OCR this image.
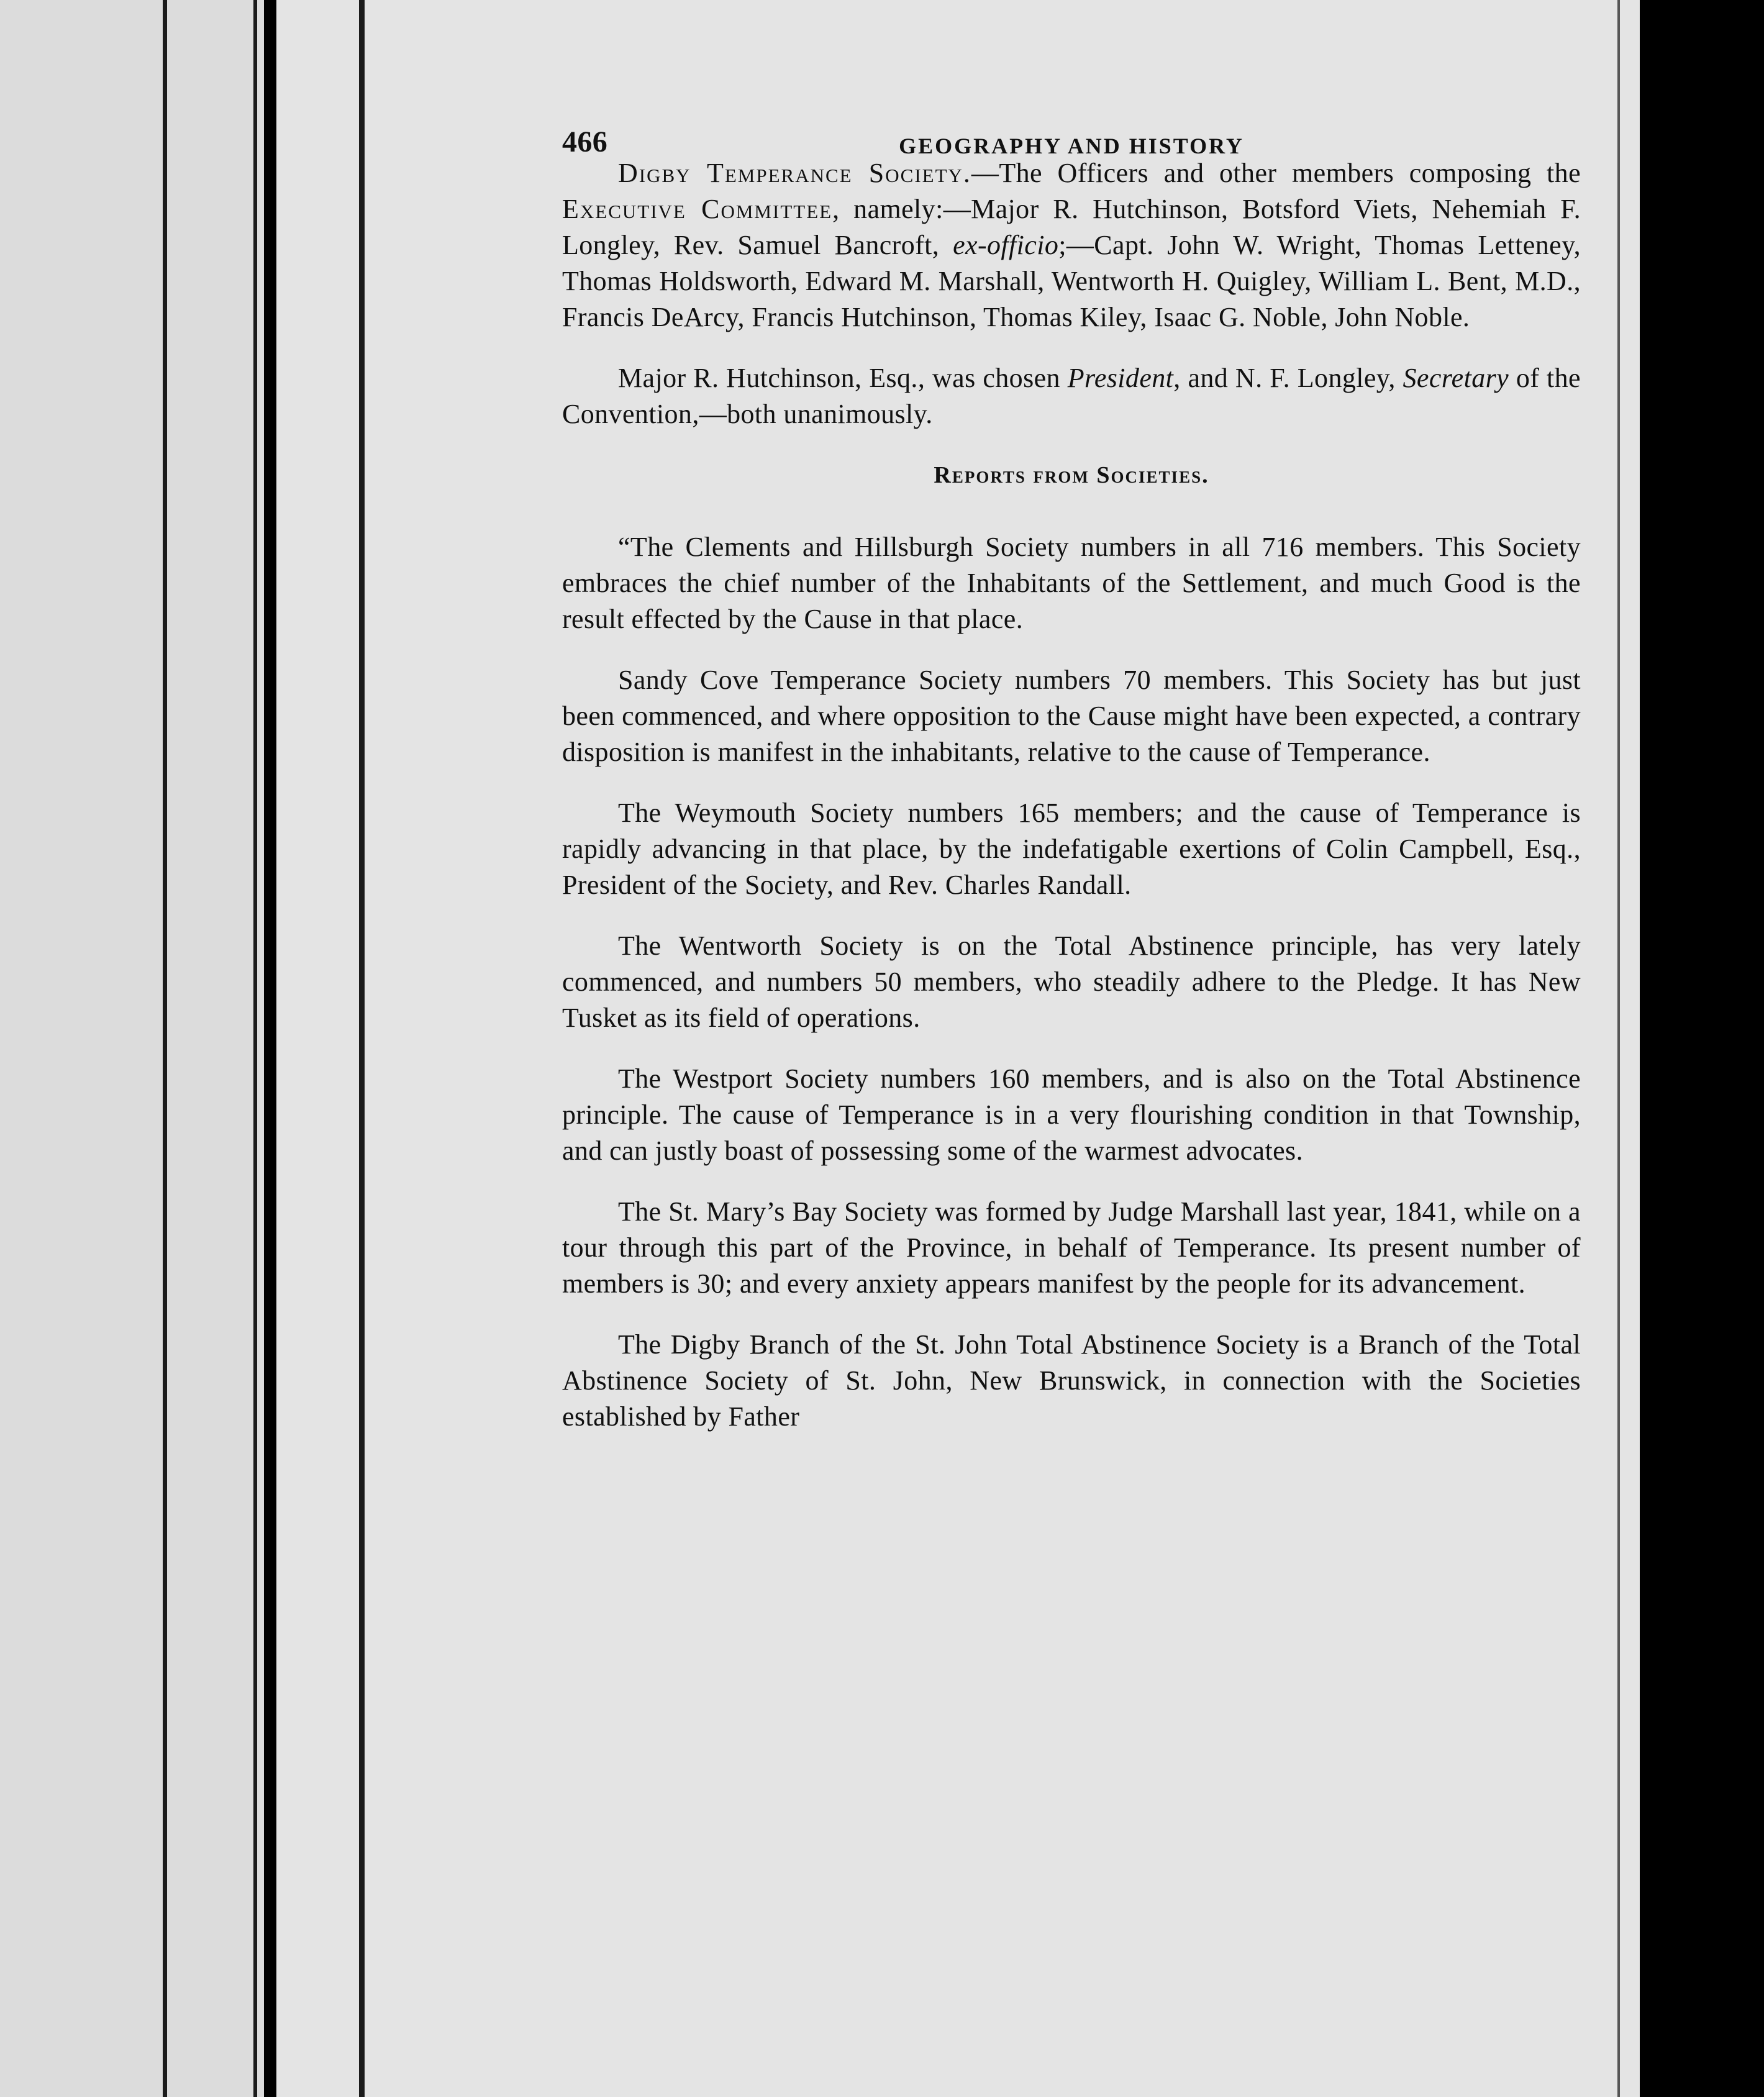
466	GEOGRAPHY AND HISTORY

Digby Temperance Society.—The Officers and other members composing the Executive Committee, namely:—Major R. Hutchinson, Botsford Viets, Nehemiah F. Longley, Rev. Samuel Bancroft, ex-officio;—Capt. John W. Wright, Thomas Letteney, Thomas Holdsworth, Edward M. Marshall, Wentworth H. Quigley, William L. Bent, M.D., Francis DeArcy, Francis Hutchinson, Thomas Kiley, Isaac G. Noble, John Noble.

Major R. Hutchinson, Esq., was chosen President, and N. F. Longley, Secretary of the Convention,—both unanimously.

Reports from Societies.

“The Clements and Hillsburgh Society numbers in all 716 members. This Society embraces the chief number of the Inhabitants of the Settlement, and much Good is the result effected by the Cause in that place.

Sandy Cove Temperance Society numbers 70 members. This Society has but just been commenced, and where opposition to the Cause might have been expected, a contrary disposition is manifest in the inhabitants, relative to the cause of Temperance.

The Weymouth Society numbers 165 members; and the cause of Temperance is rapidly advancing in that place, by the indefatigable exertions of Colin Campbell, Esq., President of the Society, and Rev. Charles Randall.

The Wentworth Society is on the Total Abstinence principle, has very lately commenced, and numbers 50 members, who steadily adhere to the Pledge. It has New Tusket as its field of operations.

The Westport Society numbers 160 members, and is also on the Total Abstinence principle. The cause of Temperance is in a very flourishing condition in that Township, and can justly boast of possessing some of the warmest advocates.

The St. Mary’s Bay Society was formed by Judge Marshall last year, 1841, while on a tour through this part of the Province, in behalf of Temperance. Its present number of members is 30; and every anxiety appears manifest by the people for its advancement.

The Digby Branch of the St. John Total Abstinence Society is a Branch of the Total Abstinence Society of St. John, New Brunswick, in connection with the Societies established by Father
